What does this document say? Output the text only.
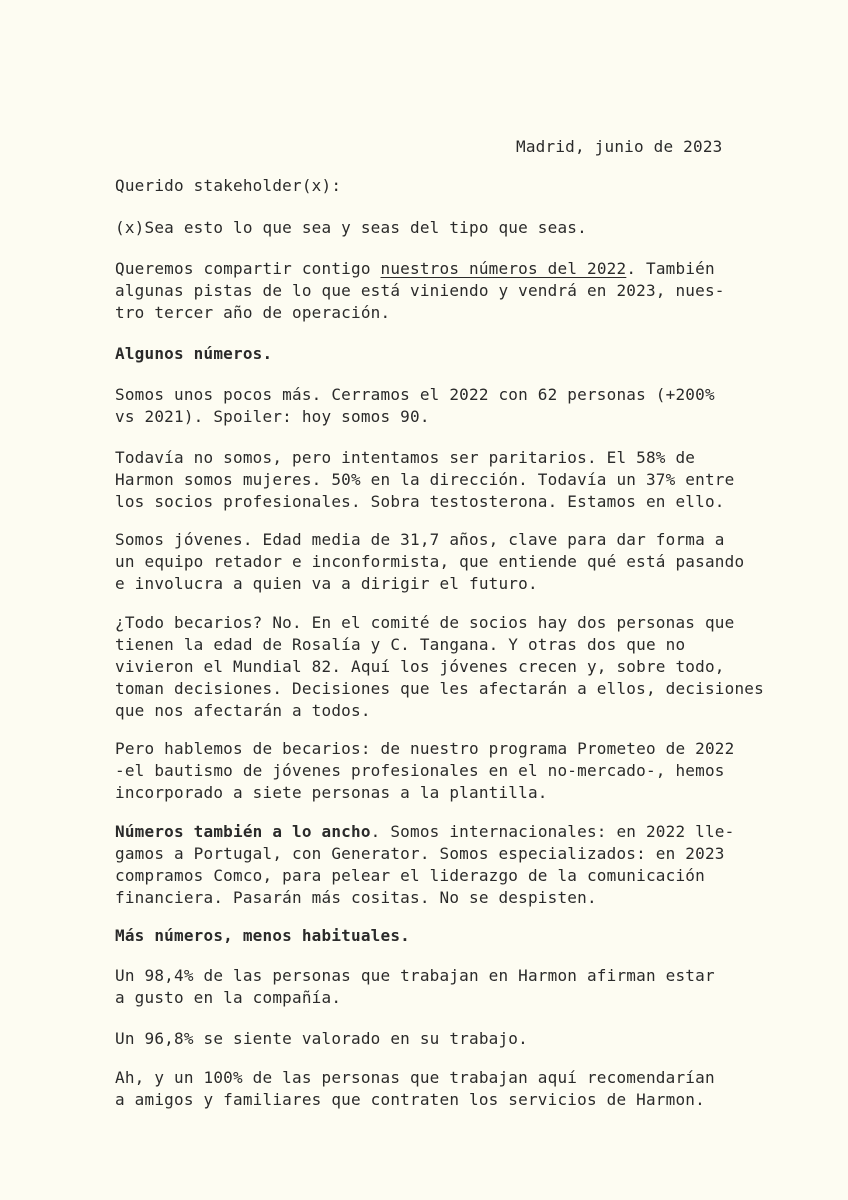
Madrid, junio de 2023
Querido stakeholder(x):
(x)Sea esto lo que sea y seas del tipo que seas.
Queremos compartir contigo nuestros números del 2022. También
algunas pistas de lo que está viniendo y vendrá en 2023, nues-
tro tercer año de operación.
Algunos números.
Somos unos pocos más. Cerramos el 2022 con 62 personas (+200%
vs 2021). Spoiler: hoy somos 90.
Todavía no somos, pero intentamos ser paritarios. El 58% de
Harmon somos mujeres. 50% en la dirección. Todavía un 37% entre
los socios profesionales. Sobra testosterona. Estamos en ello.
Somos jóvenes. Edad media de 31,7 años, clave para dar forma a
un equipo retador e inconformista, que entiende qué está pasando
e involucra a quien va a dirigir el futuro.
¿Todo becarios? No. En el comité de socios hay dos personas que
tienen la edad de Rosalía y C. Tangana. Y otras dos que no
vivieron el Mundial 82. Aquí los jóvenes crecen y, sobre todo,
toman decisiones. Decisiones que les afectarán a ellos, decisiones
que nos afectarán a todos.
Pero hablemos de becarios: de nuestro programa Prometeo de 2022
-el bautismo de jóvenes profesionales en el no-mercado-, hemos
incorporado a siete personas a la plantilla.
Números también a lo ancho. Somos internacionales: en 2022 lle-
gamos a Portugal, con Generator. Somos especializados: en 2023
compramos Comco, para pelear el liderazgo de la comunicación
financiera. Pasarán más cositas. No se despisten.
Más números, menos habituales.
Un 98,4% de las personas que trabajan en Harmon afirman estar
a gusto en la compañía.
Un 96,8% se siente valorado en su trabajo.
Ah, y un 100% de las personas que trabajan aquí recomendarían
a amigos y familiares que contraten los servicios de Harmon.
